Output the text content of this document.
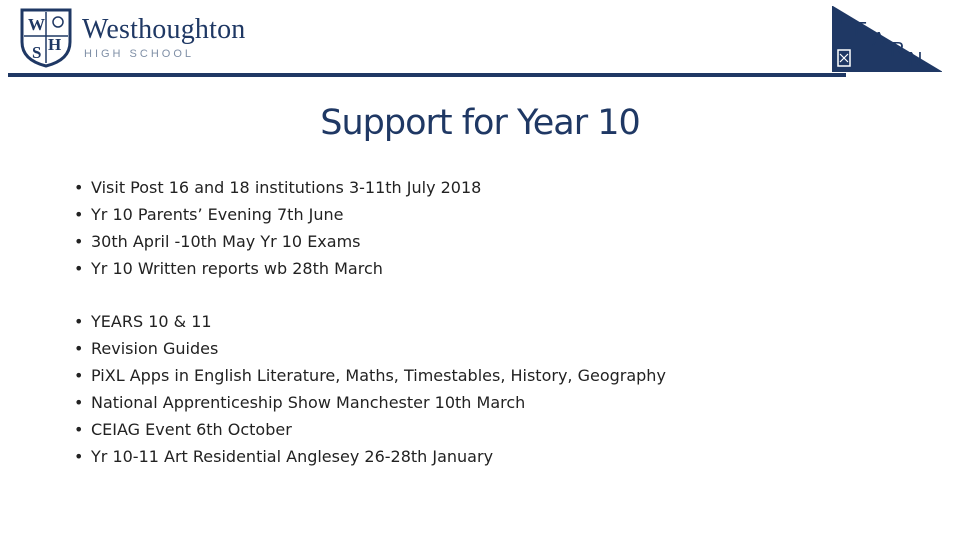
W
H
S
Westhoughton
HIGH SCHOOL
L E A R N
Support for Year 10
• Visit Post 16 and 18 institutions 3-11th July 2018
• Yr 10 Parents’ Evening 7th June
• 30th April -10th May Yr 10 Exams
• Yr 10 Written reports wb 28th March
• YEARS 10 & 11
• Revision Guides
• PiXL Apps in English Literature, Maths, Timestables, History, Geography
• National Apprenticeship Show Manchester 10th March
• CEIAG Event 6th October
• Yr 10-11 Art Residential Anglesey 26-28th January
